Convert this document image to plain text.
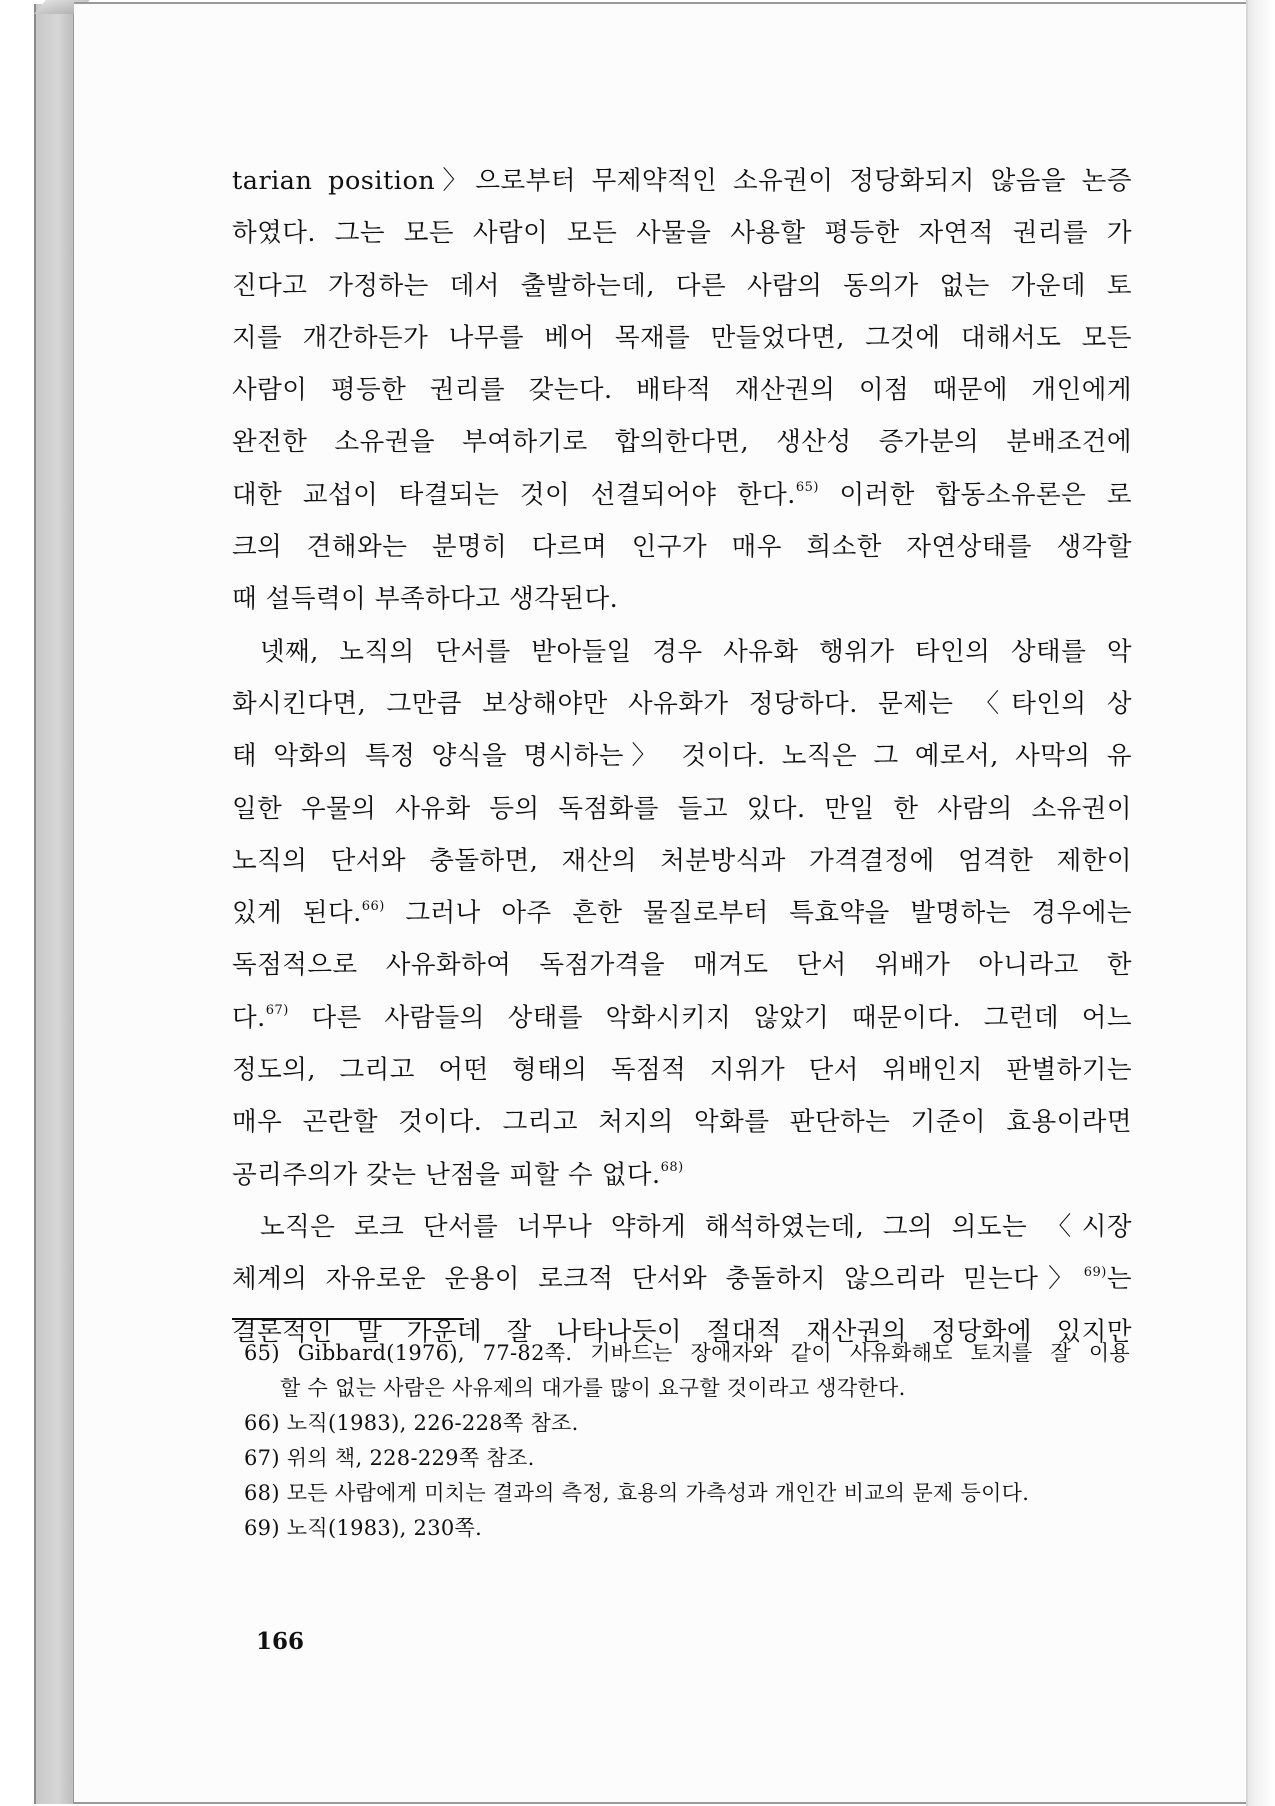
tarian position〉으로부터 무제약적인 소유권이 정당화되지 않음을 논증
하였다. 그는 모든 사람이 모든 사물을 사용할 평등한 자연적 권리를 가
진다고 가정하는 데서 출발하는데, 다른 사람의 동의가 없는 가운데 토
지를 개간하든가 나무를 베어 목재를 만들었다면, 그것에 대해서도 모든
사람이 평등한 권리를 갖는다. 배타적 재산권의 이점 때문에 개인에게
완전한 소유권을 부여하기로 합의한다면, 생산성 증가분의 분배조건에
대한 교섭이 타결되는 것이 선결되어야 한다.$^{65)}$ 이러한 합동소유론은 로
크의 견해와는 분명히 다르며 인구가 매우 희소한 자연상태를 생각할
때 설득력이 부족하다고 생각된다.
넷째, 노직의 단서를 받아들일 경우 사유화 행위가 타인의 상태를 악
화시킨다면, 그만큼 보상해야만 사유화가 정당하다. 문제는 〈타인의 상
태 악화의 특정 양식을 명시하는〉 것이다. 노직은 그 예로서, 사막의 유
일한 우물의 사유화 등의 독점화를 들고 있다. 만일 한 사람의 소유권이
노직의 단서와 충돌하면, 재산의 처분방식과 가격결정에 엄격한 제한이
있게 된다.$^{66)}$ 그러나 아주 흔한 물질로부터 특효약을 발명하는 경우에는
독점적으로 사유화하여 독점가격을 매겨도 단서 위배가 아니라고 한
다.$^{67)}$ 다른 사람들의 상태를 악화시키지 않았기 때문이다. 그런데 어느
정도의, 그리고 어떤 형태의 독점적 지위가 단서 위배인지 판별하기는
매우 곤란할 것이다. 그리고 처지의 악화를 판단하는 기준이 효용이라면
공리주의가 갖는 난점을 피할 수 없다.$^{68)}$
노직은 로크 단서를 너무나 약하게 해석하였는데, 그의 의도는 〈시장
체계의 자유로운 운용이 로크적 단서와 충돌하지 않으리라 믿는다〉$^{69)}$는
결론적인 말 가운데 잘 나타나듯이 절대적 재산권의 정당화에 있지만
65) Gibbard(1976), 77-82쪽. 기바드는 장애자와 같이 사유화해도 토지를 잘 이용
할 수 없는 사람은 사유제의 대가를 많이 요구할 것이라고 생각한다.
66) 노직(1983), 226-228쪽 참조.
67) 위의 책, 228-229쪽 참조.
68) 모든 사람에게 미치는 결과의 측정, 효용의 가측성과 개인간 비교의 문제 등이다.
69) 노직(1983), 230쪽.
166
